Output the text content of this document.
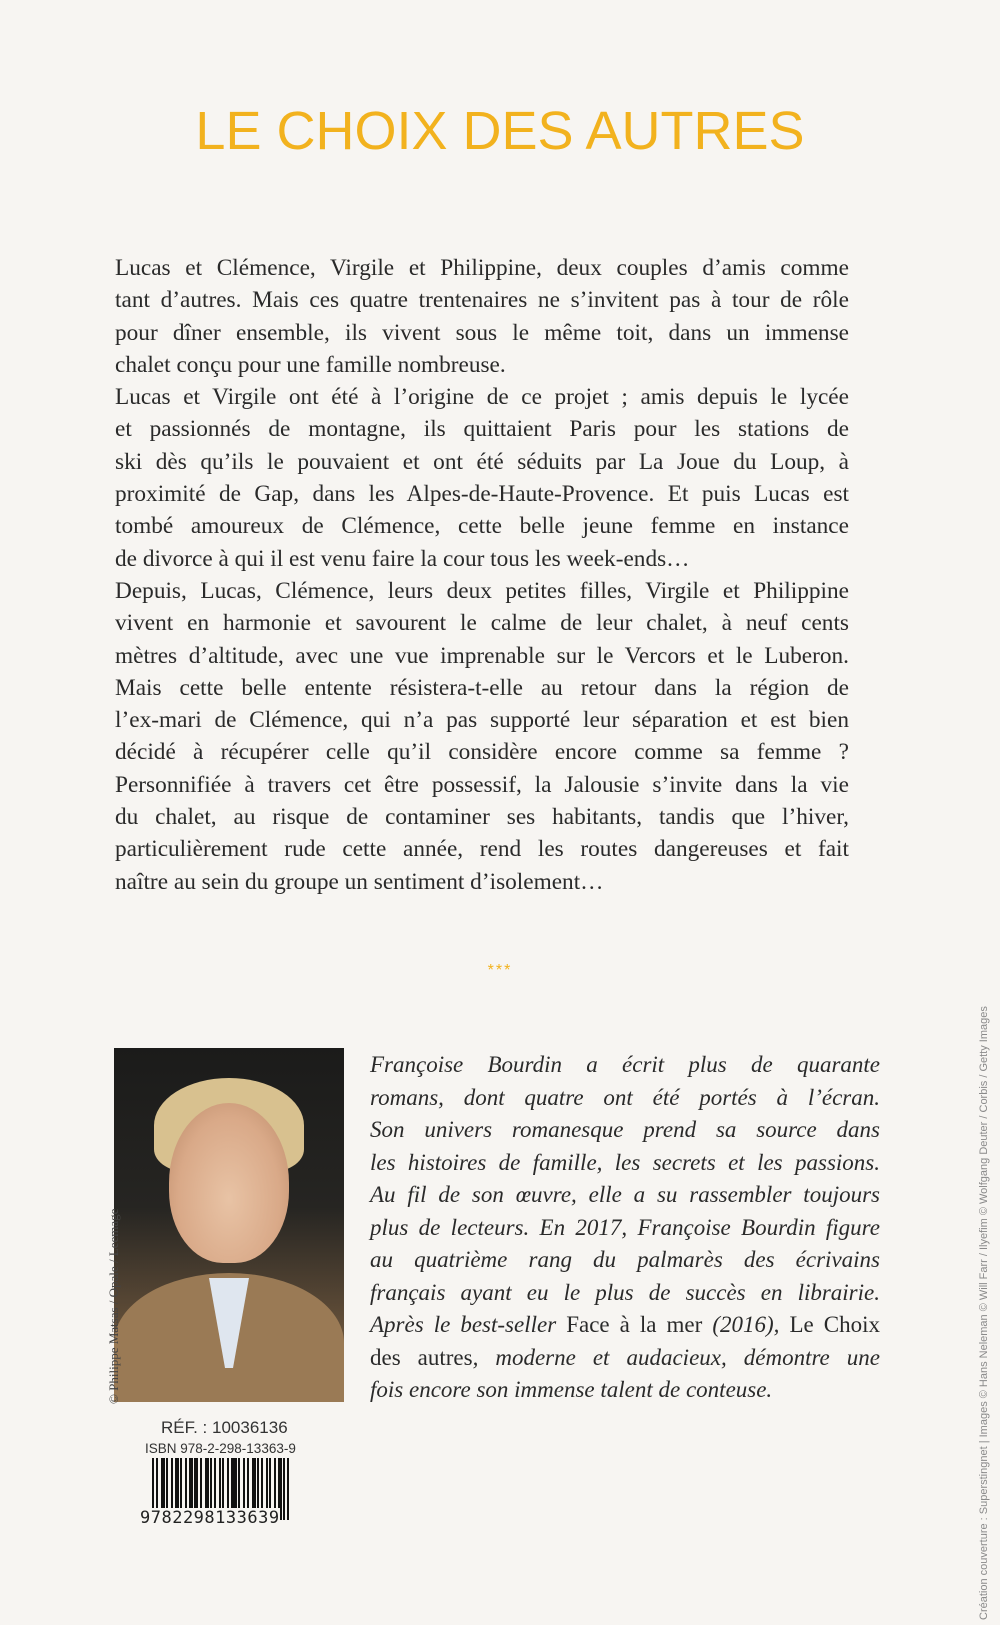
LE CHOIX DES AUTRES
Lucas et Clémence, Virgile et Philippine, deux couples d’amis comme
tant d’autres. Mais ces quatre trentenaires ne s’invitent pas à tour de rôle
pour dîner ensemble, ils vivent sous le même toit, dans un immense
chalet conçu pour une famille nombreuse.
Lucas et Virgile ont été à l’origine de ce projet ; amis depuis le lycée
et passionnés de montagne, ils quittaient Paris pour les stations de
ski dès qu’ils le pouvaient et ont été séduits par La Joue du Loup, à
proximité de Gap, dans les Alpes-de-Haute-Provence. Et puis Lucas est
tombé amoureux de Clémence, cette belle jeune femme en instance
de divorce à qui il est venu faire la cour tous les week-ends…
Depuis, Lucas, Clémence, leurs deux petites filles, Virgile et Philippine
vivent en harmonie et savourent le calme de leur chalet, à neuf cents
mètres d’altitude, avec une vue imprenable sur le Vercors et le Luberon.
Mais cette belle entente résistera-t-elle au retour dans la région de
l’ex-mari de Clémence, qui n’a pas supporté leur séparation et est bien
décidé à récupérer celle qu’il considère encore comme sa femme ?
Personnifiée à travers cet être possessif, la Jalousie s’invite dans la vie
du chalet, au risque de contaminer ses habitants, tandis que l’hiver,
particulièrement rude cette année, rend les routes dangereuses et fait
naître au sein du groupe un sentiment d’isolement…
***
© Philippe Matsas / Opale / Leemage
Françoise Bourdin a écrit plus de quarante
romans, dont quatre ont été portés à l’écran.
Son univers romanesque prend sa source dans
les histoires de famille, les secrets et les passions.
Au fil de son œuvre, elle a su rassembler toujours
plus de lecteurs. En 2017, Françoise Bourdin figure
au quatrième rang du palmarès des écrivains
français ayant eu le plus de succès en librairie.
Après le best-seller Face à la mer (2016), Le Choix
des autres, moderne et audacieux, démontre une
fois encore son immense talent de conteuse.
RÉF. : 10036136
ISBN 978-2-298-13363-9
9782298133639	Création couverture : Superstingnet | Images © Hans Neleman © Will Farr / Ilyefim © Wolfgang Deuter / Corbis / Getty Images
